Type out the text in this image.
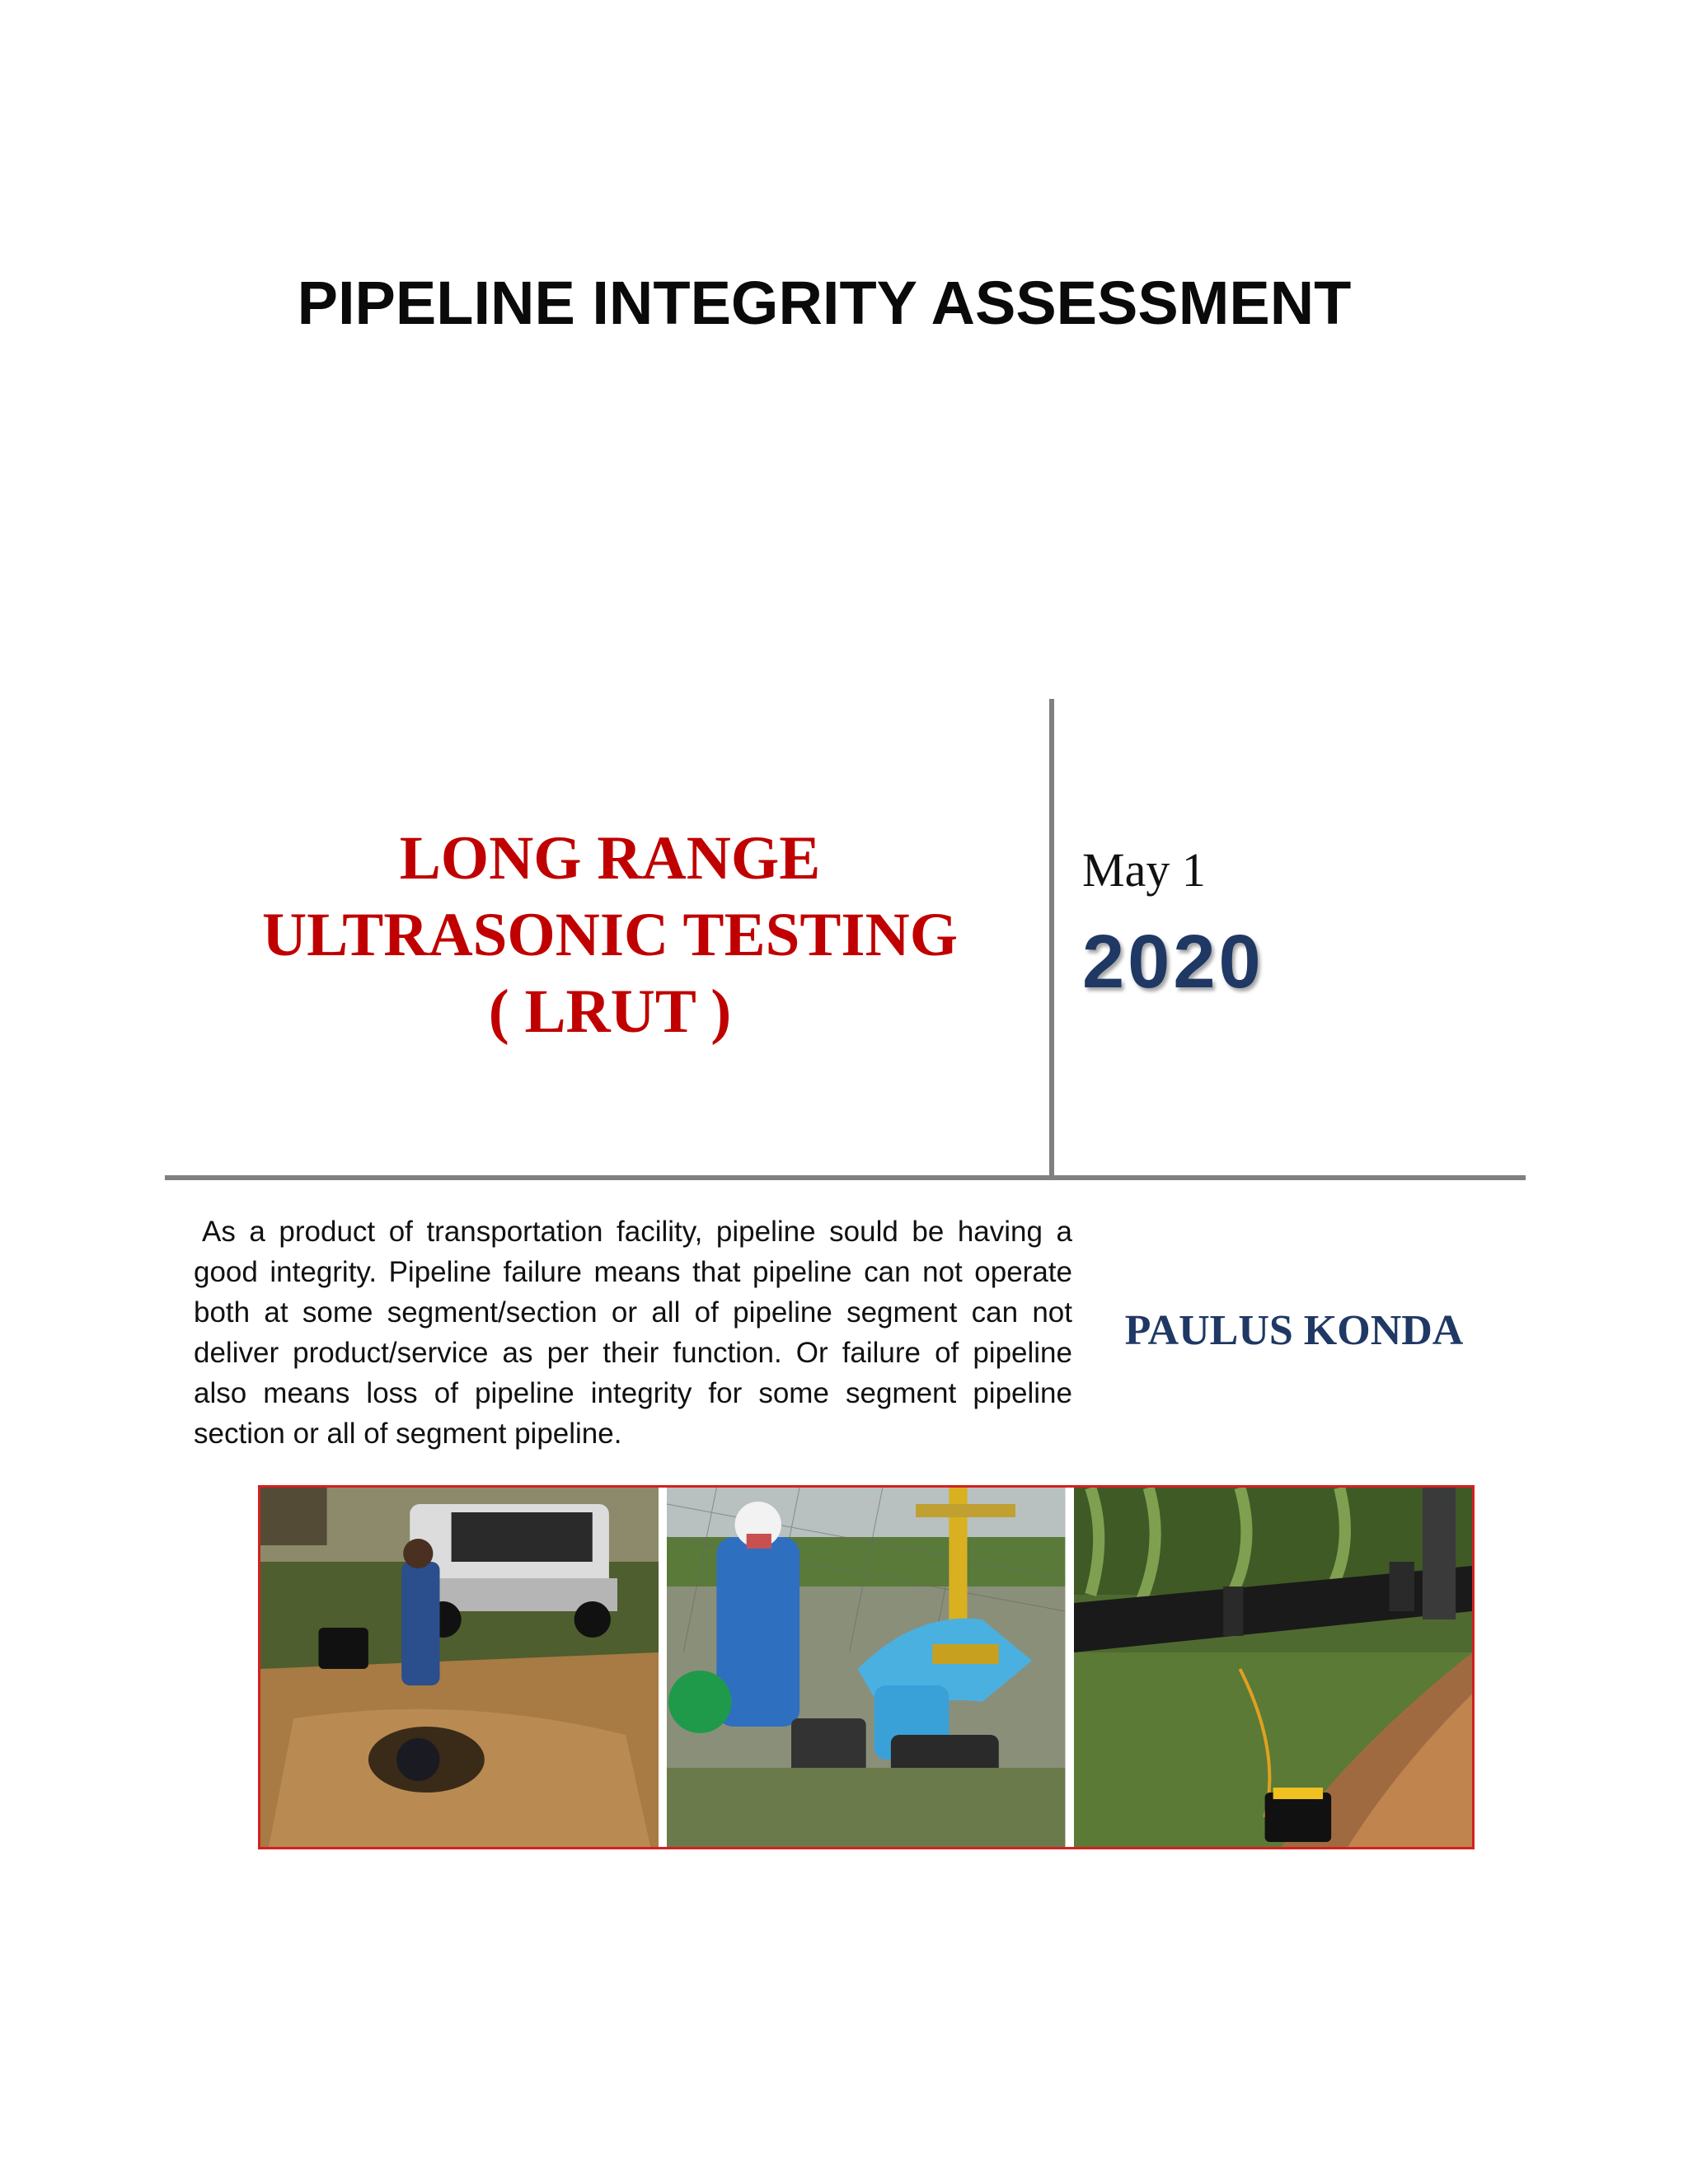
PIPELINE INTEGRITY ASSESSMENT
LONG RANGE
ULTRASONIC TESTING
( LRUT )
May 1
2020

As a product of transportation facility, pipeline sould be having a good integrity. Pipeline failure means that pipeline can not operate both at some segment/section or all of pipeline segment can not deliver product/service as per their function. Or failure of pipeline also means loss of pipeline integrity for some segment pipeline section or all of segment pipeline.

PAULUS KONDA
